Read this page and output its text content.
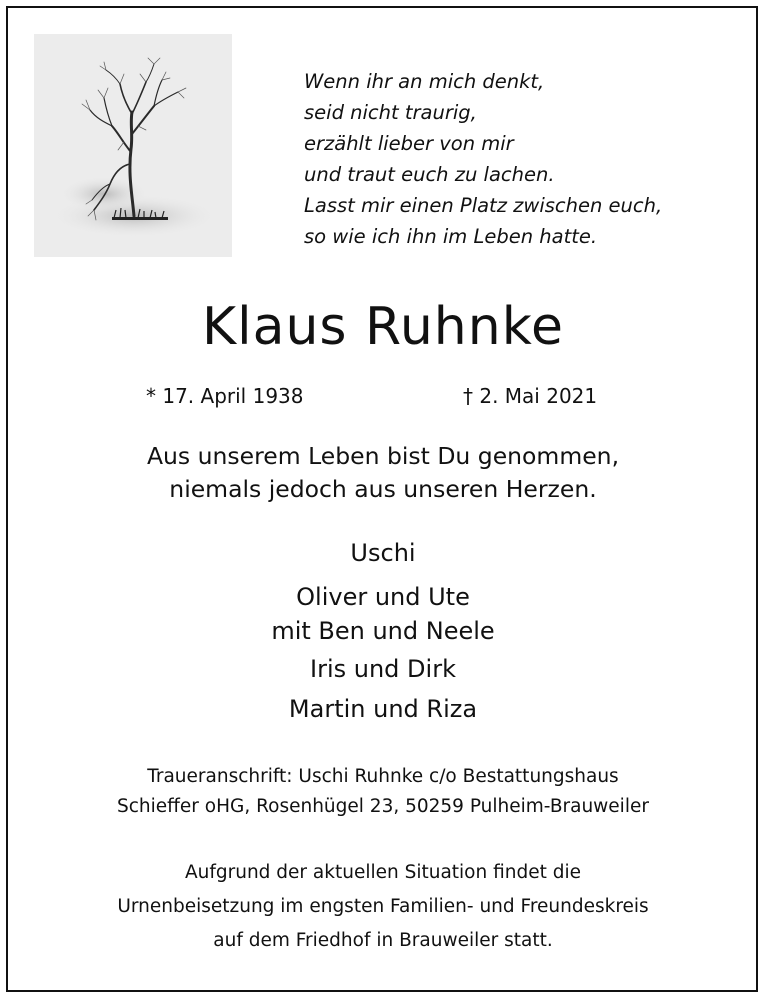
Wenn ihr an mich denkt,
seid nicht traurig,
erzählt lieber von mir
und traut euch zu lachen.
Lasst mir einen Platz zwischen euch,
so wie ich ihn im Leben hatte.
Klaus Ruhnke
* 17. April 1938	† 2. Mai 2021
Aus unserem Leben bist Du genommen,
niemals jedoch aus unseren Herzen.
Uschi
Oliver und Ute
mit Ben und Neele
Iris und Dirk
Martin und Riza
Traueranschrift: Uschi Ruhnke c/o Bestattungshaus
Schieffer oHG, Rosenhügel 23, 50259 Pulheim-Brauweiler
Aufgrund der aktuellen Situation findet die
Urnenbeisetzung im engsten Familien- und Freundeskreis
auf dem Friedhof in Brauweiler statt.
